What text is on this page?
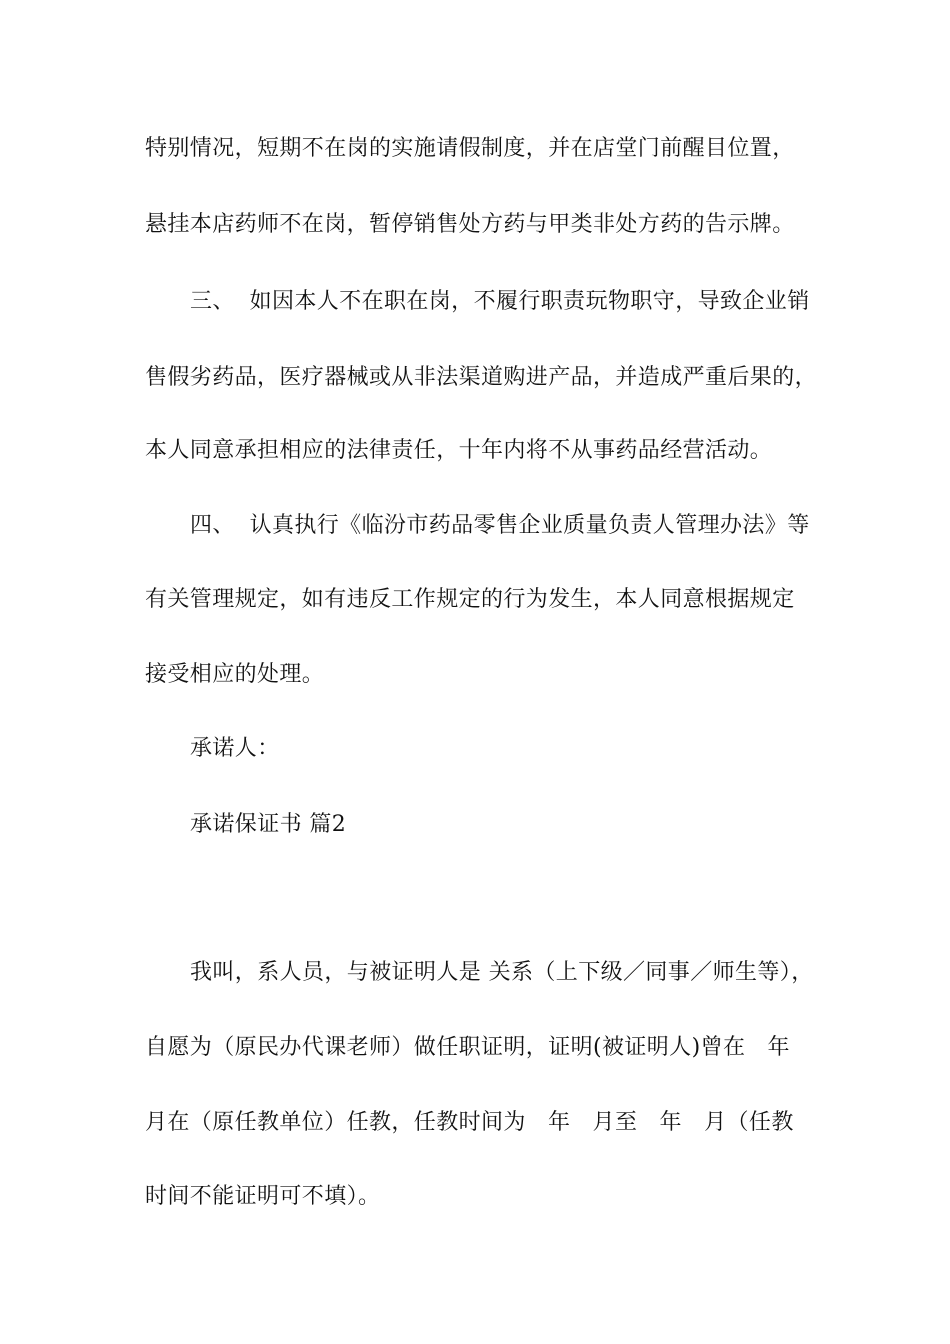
特别情况，短期不在岗的实施请假制度，并在店堂门前醒目位置，
悬挂本店药师不在岗，暂停销售处方药与甲类非处方药的告示牌。
三、  如因本人不在职在岗，不履行职责玩物职守，导致企业销
售假劣药品，医疗器械或从非法渠道购进产品，并造成严重后果的，
本人同意承担相应的法律责任，十年内将不从事药品经营活动。
四、  认真执行《临汾市药品零售企业质量负责人管理办法》等
有关管理规定，如有违反工作规定的行为发生，本人同意根据规定
接受相应的处理。
承诺人：
承诺保证书 篇2
我叫，系人员，与被证明人是 关系（上下级／同事／师生等），
自愿为（原民办代课老师）做任职证明，证明(被证明人)曾在   年
月在（原任教单位）任教，任教时间为   年   月至   年   月（任教
时间不能证明可不填）。
